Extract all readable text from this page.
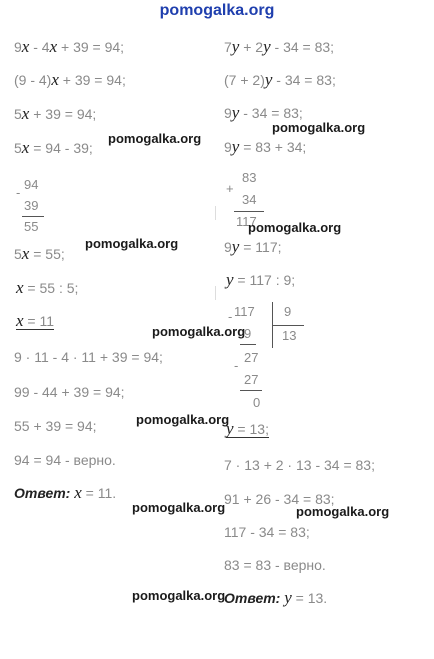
pomogalka.org
9x - 4x + 39 = 94;
(9 - 4)x + 39 = 94;
5x + 39 = 94;
5x = 94 - 39;
-
94
39
55
5x = 55;
x = 55 : 5;
x = 11
9 · 11 - 4 · 11 + 39 = 94;
99 - 44 + 39 = 94;
55 + 39 = 94;
94 = 94 - верно.
Ответ: x = 11.
7y + 2y - 34 = 83;
(7 + 2)y - 34 = 83;
9y - 34 = 83;
9y = 83 + 34;
+
83
34
117
9y = 117;
y = 117 : 9;
- 117 9
13
9
-
27
27
0
y = 13;
7 · 13 + 2 · 13 - 34 = 83;
91 + 26 - 34 = 83;
117 - 34 = 83;
83 = 83 - верно.
Ответ: y = 13.
pomogalka.org
pomogalka.org
pomogalka.org
pomogalka.org
pomogalka.org
pomogalka.org
pomogalka.org	pomogalka.org
pomogalka.org
